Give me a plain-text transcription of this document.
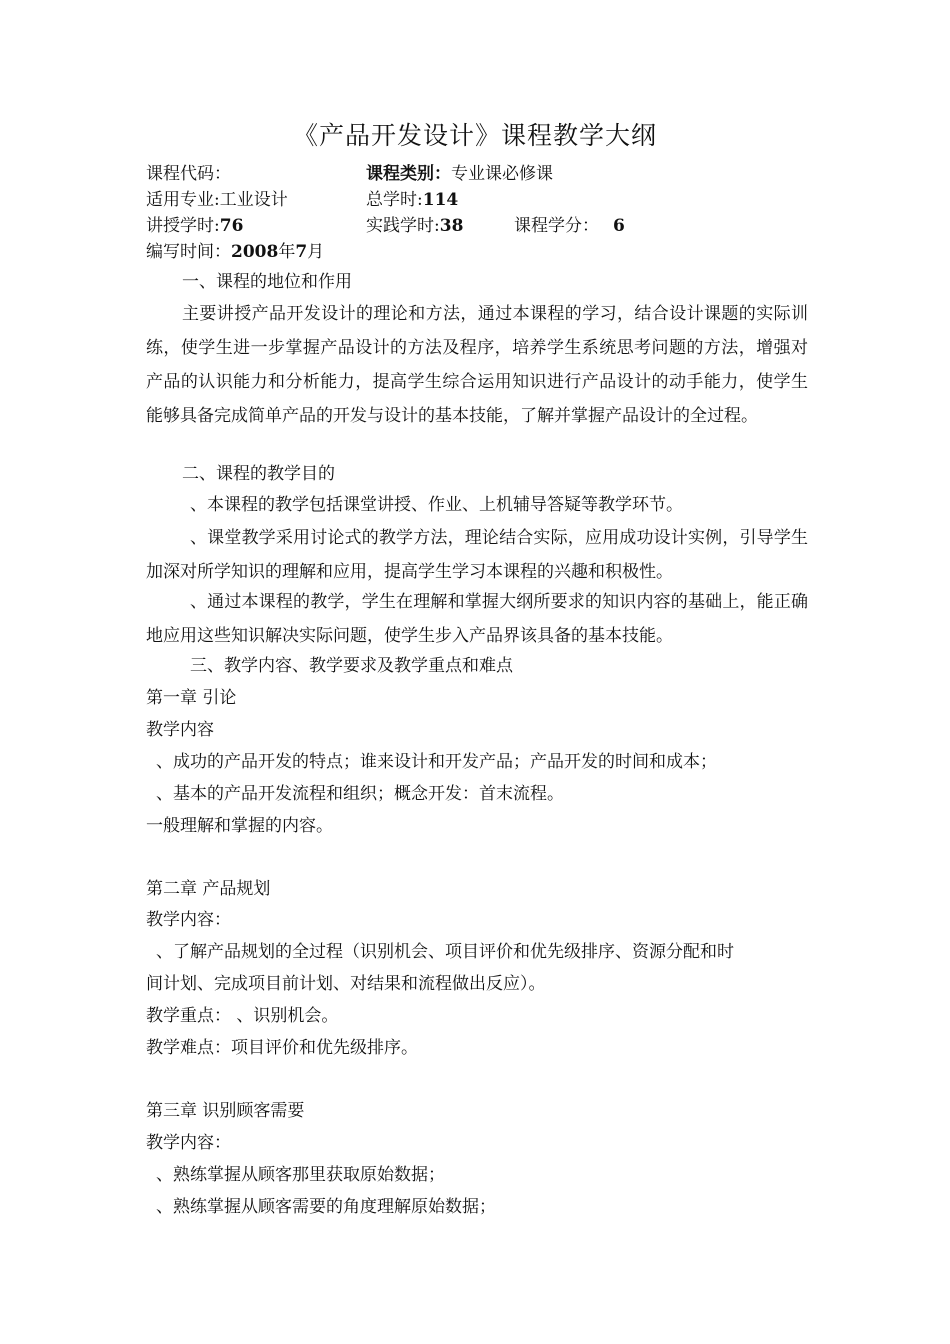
《产品开发设计》课程教学大纲
课程代码：	课程类别：专业课必修课
适用专业:工业设计	总学时:114
讲授学时:76	实践学时:38	课程学分： 6
编写时间：2008年7月
一、课程的地位和作用
主要讲授产品开发设计的理论和方法，通过本课程的学习，结合设计课题的实际训练，使学生进一步掌握产品设计的方法及程序，培养学生系统思考问题的方法，增强对产品的认识能力和分析能力，提高学生综合运用知识进行产品设计的动手能力，使学生能够具备完成简单产品的开发与设计的基本技能，了解并掌握产品设计的全过程。
二、课程的教学目的
、本课程的教学包括课堂讲授、作业、上机辅导答疑等教学环节。
、课堂教学采用讨论式的教学方法，理论结合实际，应用成功设计实例，引导学生加深对所学知识的理解和应用，提高学生学习本课程的兴趣和积极性。
、通过本课程的教学，学生在理解和掌握大纲所要求的知识内容的基础上，能正确地应用这些知识解决实际问题，使学生步入产品界该具备的基本技能。
三、教学内容、教学要求及教学重点和难点
第一章 引论
教学内容
、成功的产品开发的特点；谁来设计和开发产品；产品开发的时间和成本；
、基本的产品开发流程和组织；概念开发：首末流程。
一般理解和掌握的内容。
第二章 产品规划
教学内容：
、了解产品规划的全过程（识别机会、项目评价和优先级排序、资源分配和时
间计划、完成项目前计划、对结果和流程做出反应）。
教学重点： 、识别机会。
教学难点：项目评价和优先级排序。
第三章 识别顾客需要
教学内容：
、熟练掌握从顾客那里获取原始数据；
、熟练掌握从顾客需要的角度理解原始数据；
